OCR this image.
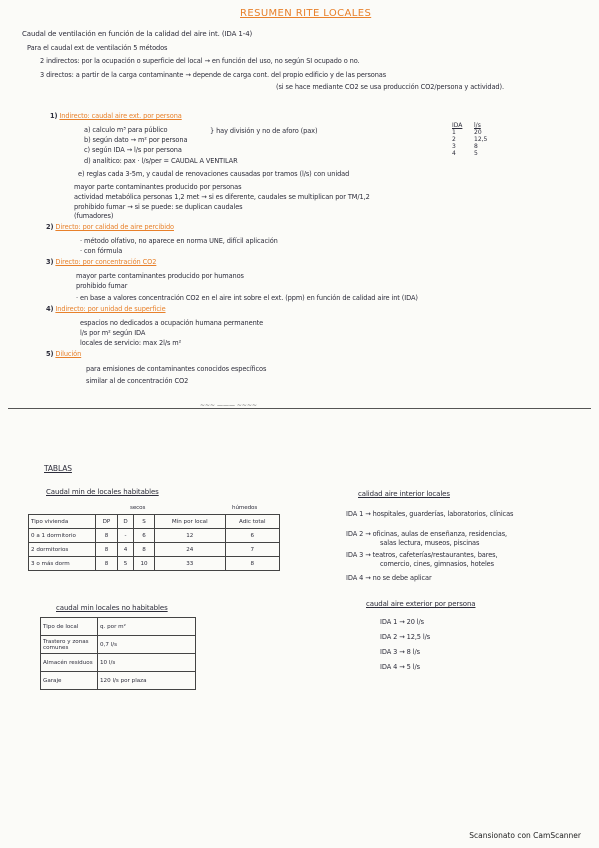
RESUMEN RITE LOCALES
Caudal de ventilación en función de la calidad del aire int. (IDA 1-4)
Para el caudal ext de ventilación 5 métodos
2 indirectos: por la ocupación o superficie del local → en función del uso, no según SI ocupado o no.
3 directos: a partir de la carga contaminante → depende de carga cont. del propio edificio y de las personas
(si se hace mediante CO2 se usa producción CO2/persona y actividad).
1) Indirecto: caudal aire ext. por persona
a) calculo m³ para público
b) según dato → m² por persona
c) según IDA → l/s por persona
} hay división y no de aforo (pax)
d) analítico: pax · l/s/per = CAUDAL A VENTILAR
e) reglas cada 3-5m, y caudal de renovaciones causadas por tramos (l/s) con unidad
mayor parte contaminantes producido por personas
actividad metabólica personas 1,2 met → si es diferente, caudales se multiplican por TM/1,2
prohibido fumar → si se puede: se duplican caudales
(fumadores)
IDA	l/s
1	20
2	12,5
3	8
4	5
2) Directo: por calidad de aire percibido
· método olfativo, no aparece en norma UNE, difícil aplicación
· con fórmula
3) Directo: por concentración CO2
mayor parte contaminantes producido por humanos
prohibido fumar
· en base a valores concentración CO2 en el aire int sobre el ext. (ppm) en función de calidad aire int (IDA)
4) Indirecto: por unidad de superficie
espacios no dedicados a ocupación humana permanente
l/s por m² según IDA
locales de servicio: max 2l/s m²
5) Dilución
para emisiones de contaminantes conocidos específicos
similar al de concentración CO2
~~~ ——— ~~~~
TABLAS
Caudal min de locales habitables
secos	húmedos
Tipo vivienda	DP	D	S	Mín por local	Adic total
0 a 1 dormitorio	8	-	6	12	6
2 dormitorios	8	4	8	24	7
3 o más dorm	8	5	10	33	8
caudal min locales no habitables
Tipo de local	q. por m²
Trastero y zonas comunes	0,7 l/s
Almacén residuos	10 l/s
Garaje	120 l/s por plaza
calidad aire interior locales
IDA 1 → hospitales, guarderías, laboratorios, clínicas
IDA 2 → oficinas, aulas de enseñanza, residencias,
salas lectura, museos, piscinas
IDA 3 → teatros, cafeterías/restaurantes, bares,
comercio, cines, gimnasios, hoteles
IDA 4 → no se debe aplicar
caudal aire exterior por persona
IDA 1 → 20 l/s
IDA 2 → 12,5 l/s
IDA 3 → 8 l/s
IDA 4 → 5 l/s
Scansionato con CamScanner
